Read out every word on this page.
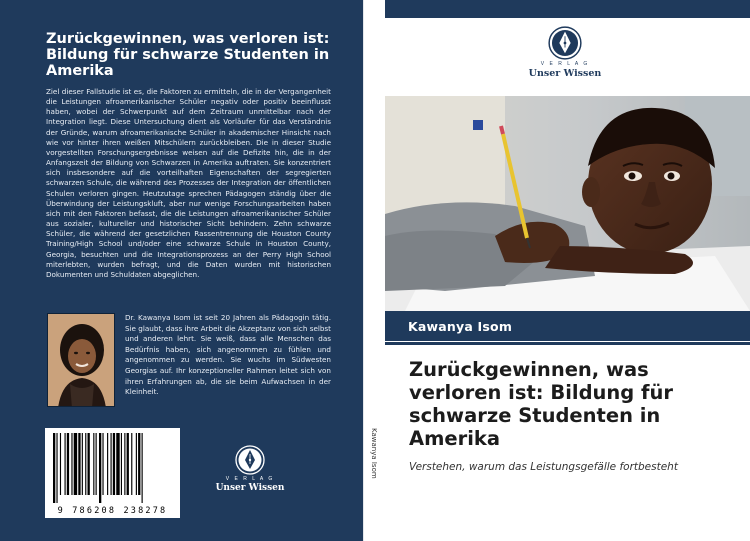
Zurückgewinnen, was verloren ist: Bildung für schwarze Studenten in Amerika
Ziel dieser Fallstudie ist es, die Faktoren zu ermitteln, die in der Vergangenheit die Leistungen afroamerikanischer Schüler negativ oder positiv beeinflusst haben, wobei der Schwerpunkt auf dem Zeitraum unmittelbar nach der Integration liegt. Diese Untersuchung dient als Vorläufer für das Verständnis der Gründe, warum afroamerikanische Schüler in akademischer Hinsicht nach wie vor hinter ihren weißen Mitschülern zurückbleiben. Die in dieser Studie vorgestellten Forschungsergebnisse weisen auf die Defizite hin, die in der Anfangszeit der Bildung von Schwarzen in Amerika auftraten. Sie konzentriert sich insbesondere auf die vorteilhaften Eigenschaften der segregierten schwarzen Schule, die während des Prozesses der Integration der öffentlichen Schulen verloren gingen. Heutzutage sprechen Pädagogen ständig über die Überwindung der Leistungskluft, aber nur wenige Forschungsarbeiten haben sich mit den Faktoren befasst, die die Leistungen afroamerikanischer Schüler aus sozialer, kultureller und historischer Sicht behindern. Zehn schwarze Schüler, die während der gesetzlichen Rassentrennung die Houston County Training/High School und/oder eine schwarze Schule in Houston County, Georgia, besuchten und die Integrationsprozess an der Perry High School miterlebten, wurden befragt, und die Daten wurden mit historischen Dokumenten und Schuldaten abgeglichen.
Dr. Kawanya Isom ist seit 20 Jahren als Pädagogin tätig. Sie glaubt, dass ihre Arbeit die Akzeptanz von sich selbst und anderen lehrt. Sie weiß, dass alle Menschen das Bedürfnis haben, sich angenommen zu fühlen und angenommen zu werden. Sie wuchs im Südwesten Georgias auf. Ihr konzeptioneller Rahmen leitet sich von ihren Erfahrungen ab, die sie beim Aufwachsen in der Kleinheit.
9 786208 238278
V E R L A G
Unser Wissen
Kawanya Isom
V E R L A G
Unser Wissen
Kawanya Isom
Zurückgewinnen, was verloren ist: Bildung für schwarze Studenten in Amerika
Verstehen, warum das Leistungsgefälle fortbesteht
